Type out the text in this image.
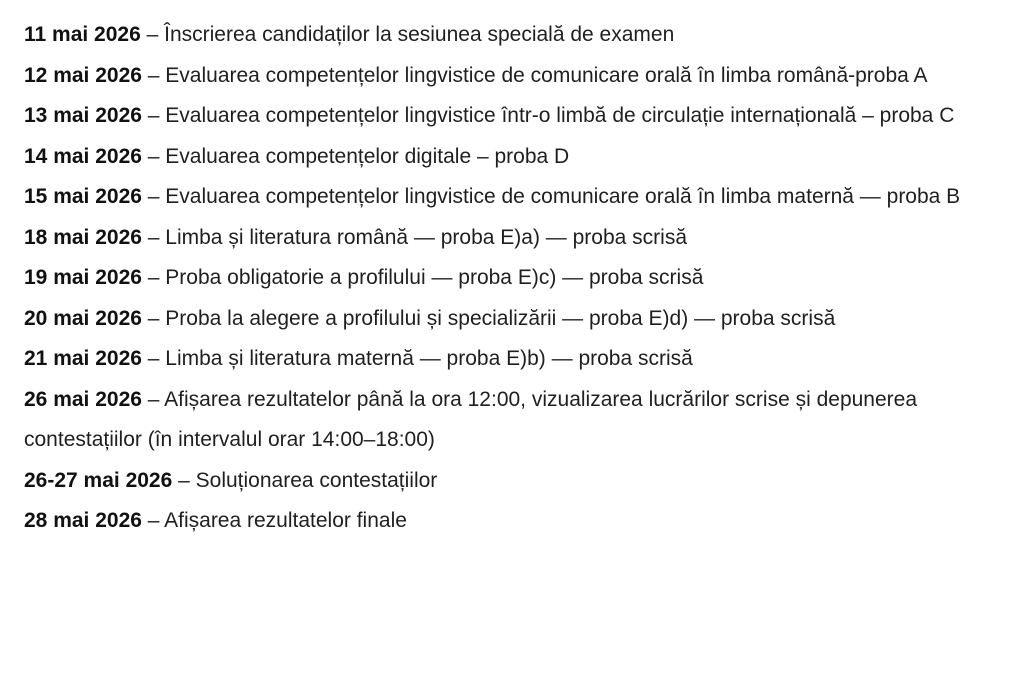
11 mai 2026 – Înscrierea candidaților la sesiunea specială de examen

12 mai 2026 – Evaluarea competențelor lingvistice de comunicare orală în limba română-proba A

13 mai 2026 – Evaluarea competențelor lingvistice într-o limbă de circulație internațională – proba C

14 mai 2026 – Evaluarea competențelor digitale – proba D

15 mai 2026 – Evaluarea competențelor lingvistice de comunicare orală în limba maternă — proba B

18 mai 2026 – Limba și literatura română — proba E)a) — proba scrisă

19 mai 2026 – Proba obligatorie a profilului — proba E)c) — proba scrisă

20 mai 2026 – Proba la alegere a profilului și specializării — proba E)d) — proba scrisă

21 mai 2026 – Limba și literatura maternă — proba E)b) — proba scrisă

26 mai 2026 – Afișarea rezultatelor până la ora 12:00, vizualizarea lucrărilor scrise și depunerea contestațiilor (în intervalul orar 14:00–18:00)

26-27 mai 2026 – Soluționarea contestațiilor

28 mai 2026 – Afișarea rezultatelor finale
